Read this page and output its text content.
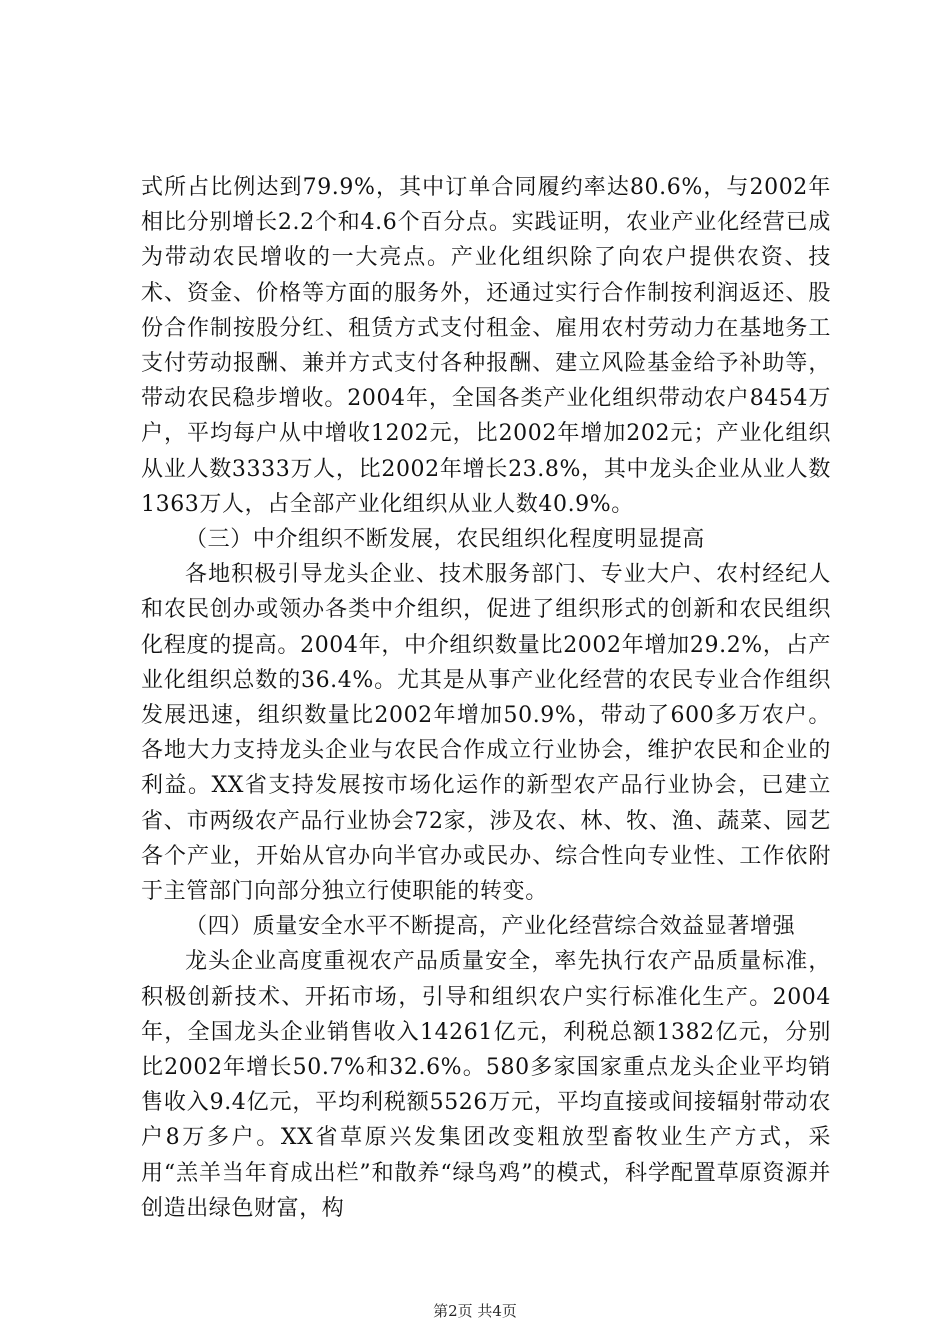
式所占比例达到79.9%，其中订单合同履约率达80.6%，与2002年相比分别增长2.2个和4.6个百分点。实践证明，农业产业化经营已成为带动农民增收的一大亮点。产业化组织除了向农户提供农资、技术、资金、价格等方面的服务外，还通过实行合作制按利润返还、股份合作制按股分红、租赁方式支付租金、雇用农村劳动力在基地务工支付劳动报酬、兼并方式支付各种报酬、建立风险基金给予补助等，带动农民稳步增收。2004年，全国各类产业化组织带动农户8454万户，平均每户从中增收1202元，比2002年增加202元；产业化组织从业人数3333万人，比2002年增长23.8%，其中龙头企业从业人数1363万人，占全部产业化组织从业人数40.9%。

（三）中介组织不断发展，农民组织化程度明显提高

各地积极引导龙头企业、技术服务部门、专业大户、农村经纪人和农民创办或领办各类中介组织，促进了组织形式的创新和农民组织化程度的提高。2004年，中介组织数量比2002年增加29.2%，占产业化组织总数的36.4%。尤其是从事产业化经营的农民专业合作组织发展迅速，组织数量比2002年增加50.9%，带动了600多万农户。各地大力支持龙头企业与农民合作成立行业协会，维护农民和企业的利益。XX省支持发展按市场化运作的新型农产品行业协会，已建立省、市两级农产品行业协会72家，涉及农、林、牧、渔、蔬菜、园艺各个产业，开始从官办向半官办或民办、综合性向专业性、工作依附于主管部门向部分独立行使职能的转变。

（四）质量安全水平不断提高，产业化经营综合效益显著增强

龙头企业高度重视农产品质量安全，率先执行农产品质量标准，积极创新技术、开拓市场，引导和组织农户实行标准化生产。2004年，全国龙头企业销售收入14261亿元，利税总额1382亿元，分别比2002年增长50.7%和32.6%。580多家国家重点龙头企业平均销售收入9.4亿元，平均利税额5526万元，平均直接或间接辐射带动农户8万多户。XX省草原兴发集团改变粗放型畜牧业生产方式，采用“羔羊当年育成出栏”和散养“绿鸟鸡”的模式，科学配置草原资源并创造出绿色财富，构

第2页 共4页
